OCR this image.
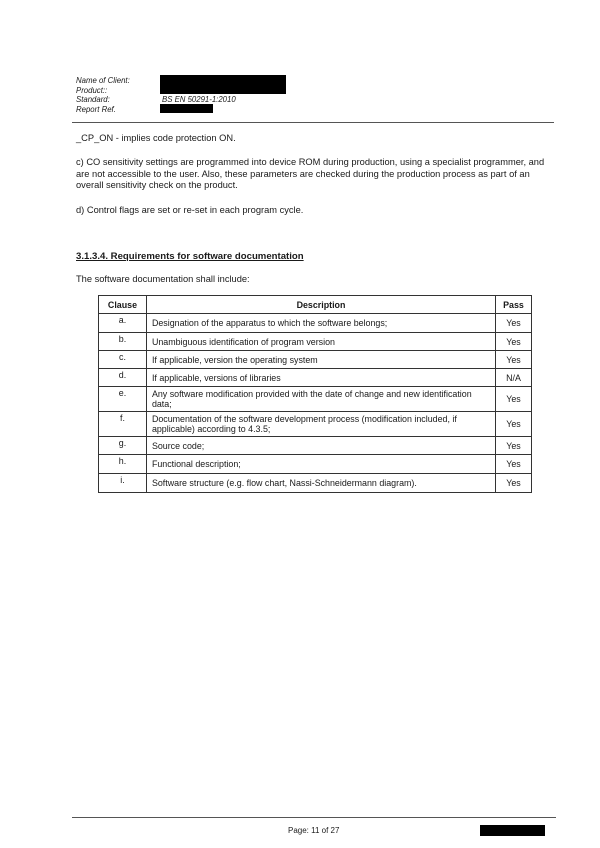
Name of Client:
Product::
Standard:	BS EN 50291-1:2010
Report Ref.
_CP_ON - implies code protection ON.
c) CO sensitivity settings are programmed into device ROM during production, using a specialist programmer, and are not accessible to the user. Also, these parameters are checked during the production process as part of an overall sensitivity check on the product.
d) Control flags are set or re-set in each program cycle.
3.1.3.4. Requirements for software documentation
The software documentation shall include:
Clause	Description	Pass
a.	Designation of the apparatus to which the software belongs;	Yes
b.	Unambiguous identification of program version	Yes
c.	If applicable, version the operating system	Yes
d.	If applicable, versions of libraries	N/A
e.	Any software modification provided with the date of change and new identification data;	Yes
f.	Documentation of the software development process (modification included, if applicable) according to 4.3.5;	Yes
g.	Source code;	Yes
h.	Functional description;	Yes
i.	Software structure (e.g. flow chart, Nassi-Schneidermann diagram).	Yes
Page: 11 of 27
